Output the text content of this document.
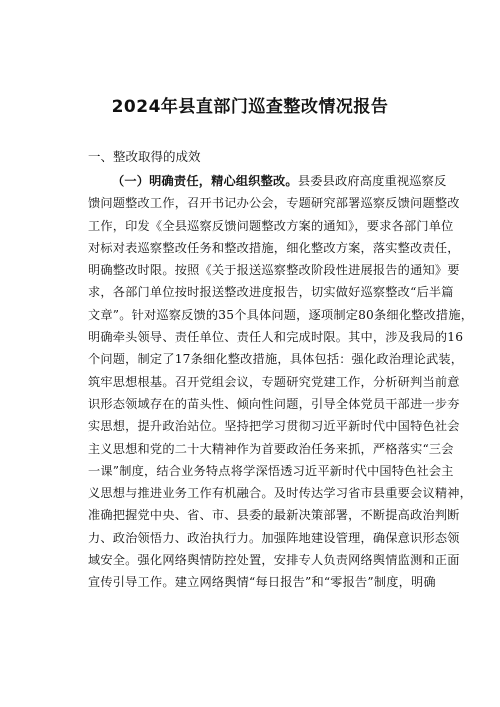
2024年县直部门巡查整改情况报告
一、整改取得的成效
（一）明确责任，精心组织整改。县委县政府高度重视巡察反
馈问题整改工作，召开书记办公会，专题研究部署巡察反馈问题整改
工作，印发《全县巡察反馈问题整改方案的通知》，要求各部门单位
对标对表巡察整改任务和整改措施，细化整改方案，落实整改责任，
明确整改时限。按照《关于报送巡察整改阶段性进展报告的通知》要
求，各部门单位按时报送整改进度报告，切实做好巡察整改“后半篇
文章”。针对巡察反馈的35个具体问题，逐项制定80条细化整改措施，
明确牵头领导、责任单位、责任人和完成时限。其中，涉及我局的16
个问题，制定了17条细化整改措施，具体包括：强化政治理论武装，
筑牢思想根基。召开党组会议，专题研究党建工作，分析研判当前意
识形态领域存在的苗头性、倾向性问题，引导全体党员干部进一步夯
实思想，提升政治站位。坚持把学习贯彻习近平新时代中国特色社会
主义思想和党的二十大精神作为首要政治任务来抓，严格落实“三会
一课”制度，结合业务特点将学深悟透习近平新时代中国特色社会主
义思想与推进业务工作有机融合。及时传达学习省市县重要会议精神，
准确把握党中央、省、市、县委的最新决策部署，不断提高政治判断
力、政治领悟力、政治执行力。加强阵地建设管理，确保意识形态领
域安全。强化网络舆情防控处置，安排专人负责网络舆情监测和正面
宣传引导工作。建立网络舆情“每日报告”和“零报告”制度，明确
